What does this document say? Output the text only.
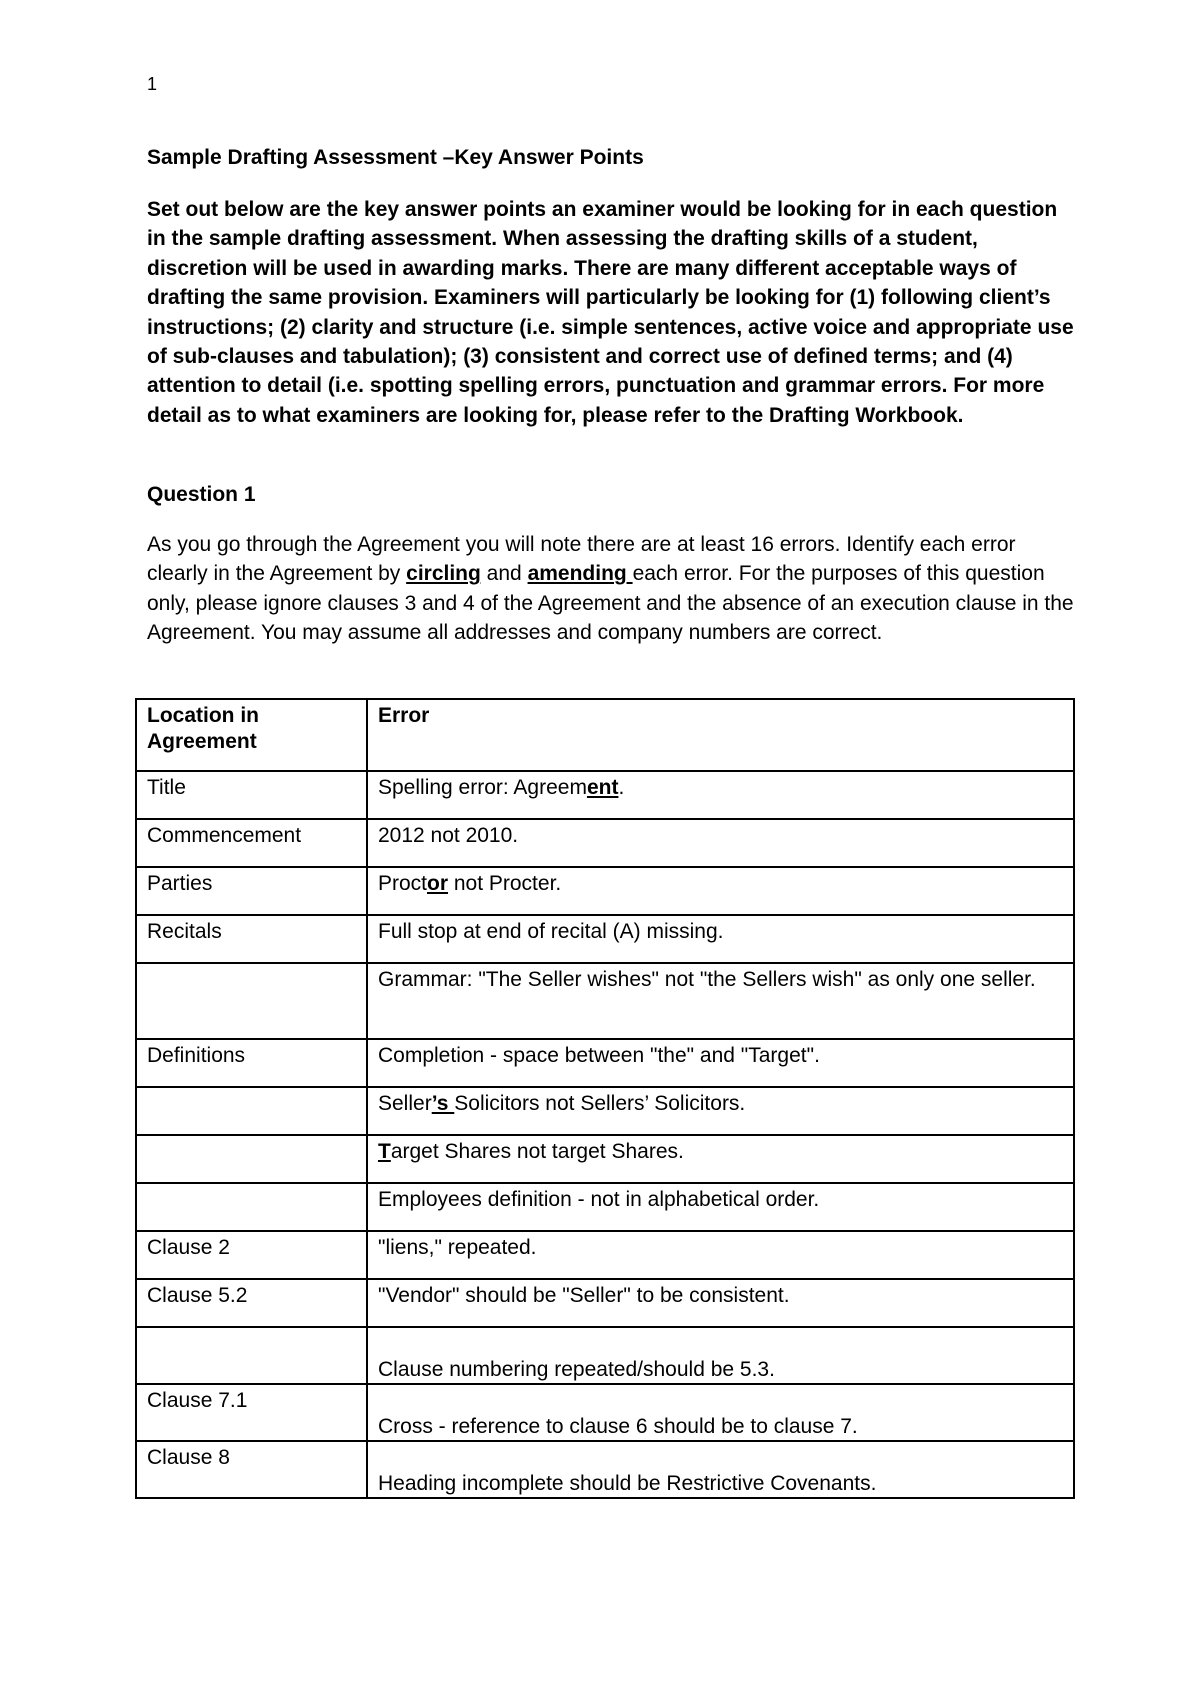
1
Sample Drafting Assessment –Key Answer Points

Set out below are the key answer points an examiner would be looking for in each question in the sample drafting assessment. When assessing the drafting skills of a student, discretion will be used in awarding marks. There are many different acceptable ways of drafting the same provision. Examiners will particularly be looking for (1) following client’s instructions; (2) clarity and structure (i.e. simple sentences, active voice and appropriate use of sub-clauses and tabulation); (3) consistent and correct use of defined terms; and (4) attention to detail (i.e. spotting spelling errors, punctuation and grammar errors. For more detail as to what examiners are looking for, please refer to the Drafting Workbook.

Question 1

As you go through the Agreement you will note there are at least 16 errors. Identify each error clearly in the Agreement by circling and amending each error. For the purposes of this question only, please ignore clauses 3 and 4 of the Agreement and the absence of an execution clause in the Agreement. You may assume all addresses and company numbers are correct.

Location in Agreement	Error
Title	Spelling error: Agreement.
Commencement	2012 not 2010.
Parties	Proctor not Procter.
Recitals	Full stop at end of recital (A) missing.
	Grammar: "The Seller wishes" not "the Sellers wish" as only one seller.
Definitions	Completion - space between "the" and "Target".
	Seller’s Solicitors not Sellers’ Solicitors.
	Target Shares not target Shares.
	Employees definition - not in alphabetical order.
Clause 2	"liens," repeated.
Clause 5.2	"Vendor" should be "Seller" to be consistent.
	Clause numbering repeated/should be 5.3.
Clause 7.1	Cross - reference to clause 6 should be to clause 7.
Clause 8	Heading incomplete should be Restrictive Covenants.
